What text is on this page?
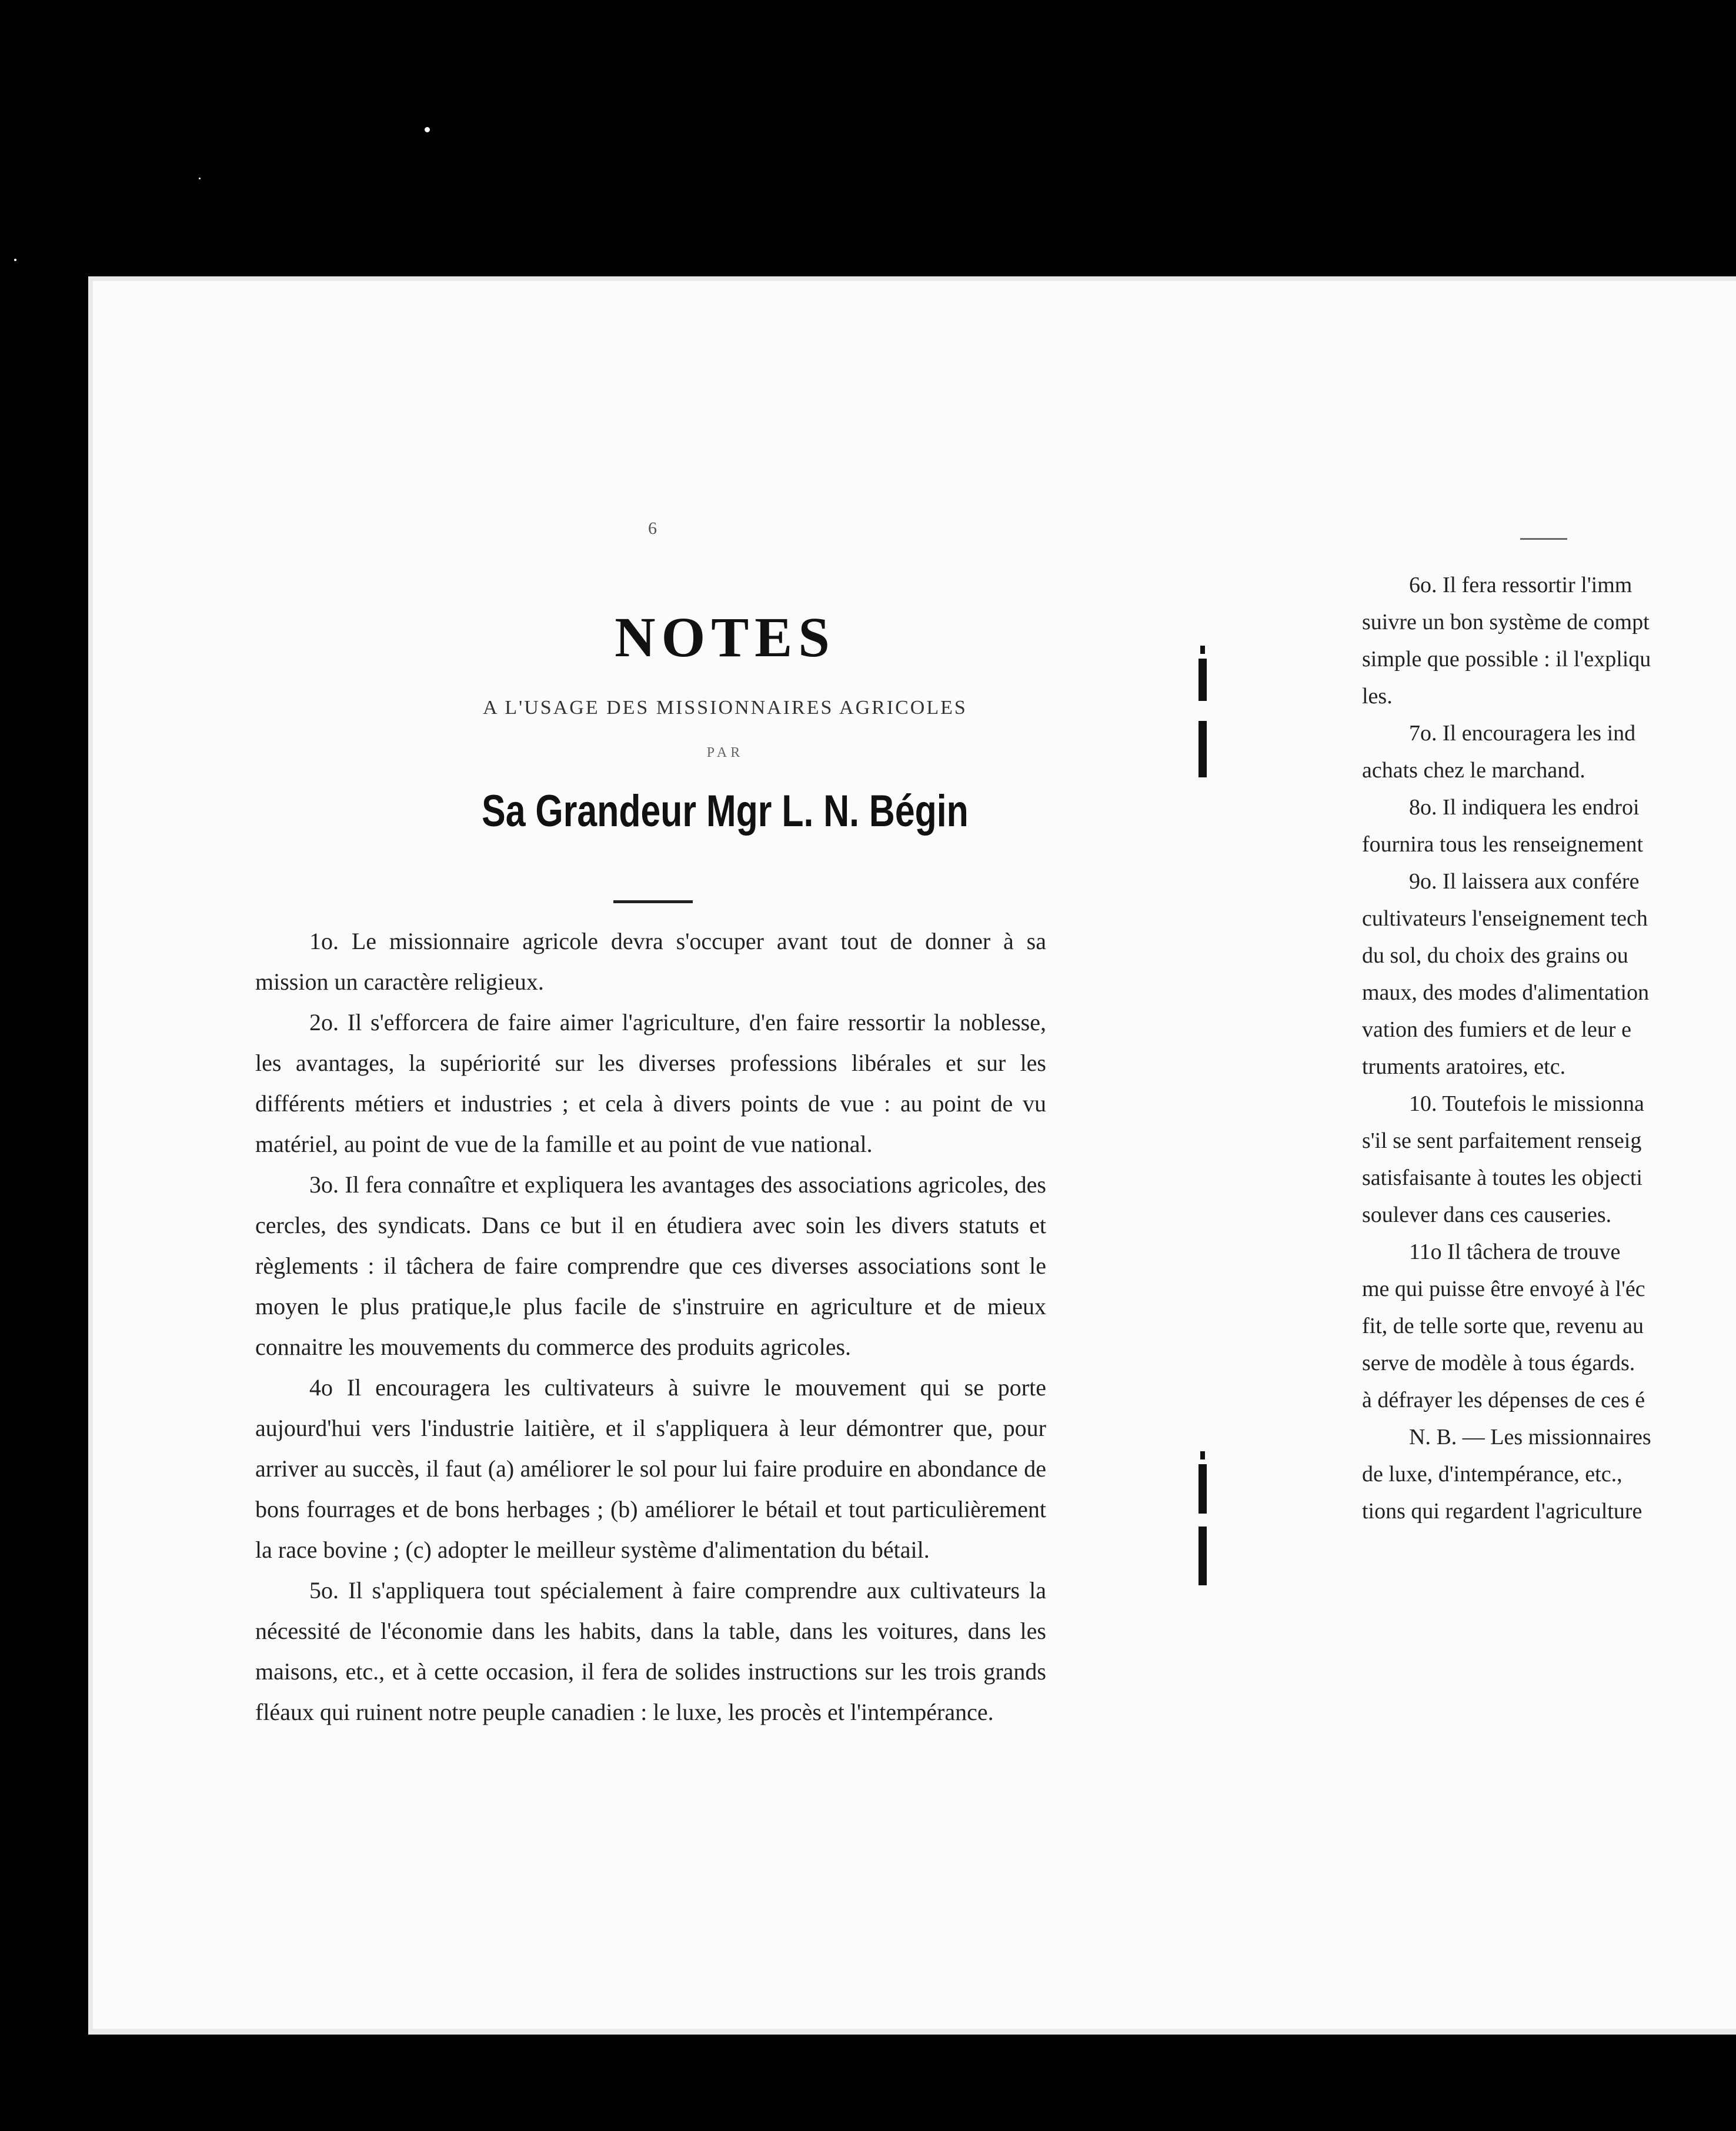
6
NOTES
A L'USAGE DES MISSIONNAIRES AGRICOLES
PAR
Sa Grandeur Mgr L. N. Bégin

1o. Le missionnaire agricole devra s'occuper avant tout de donner à sa mission un caractère religieux.

2o. Il s'efforcera de faire aimer l'agriculture, d'en faire ressortir la noblesse, les avantages, la supériorité sur les diverses professions libérales et sur les différents métiers et industries ; et cela à divers points de vue : au point de vu matériel, au point de vue de la famille et au point de vue national.

3o. Il fera connaître et expliquera les avantages des associations agricoles, des cercles, des syndicats. Dans ce but il en étudiera avec soin les divers statuts et règlements : il tâchera de faire comprendre que ces diverses associations sont le moyen le plus pratique,le plus facile de s'instruire en agriculture et de mieux connaitre les mouvements du commerce des produits agricoles.

4o Il encouragera les cultivateurs à suivre le mouvement qui se porte aujourd'hui vers l'industrie laitière, et il s'appliquera à leur démontrer que, pour arriver au succès, il faut (a) améliorer le sol pour lui faire produire en abondance de bons fourrages et de bons herbages ; (b) améliorer le bétail et tout particulièrement la race bovine ; (c) adopter le meilleur système d'alimentation du bétail.

5o. Il s'appliquera tout spécialement à faire comprendre aux cultivateurs la nécessité de l'économie dans les habits, dans la table, dans les voitures, dans les maisons, etc., et à cette occasion, il fera de solides instructions sur les trois grands fléaux qui ruinent notre peuple canadien : le luxe, les procès et l'intempérance.

6o. Il fera ressortir l'imm

suivre un bon système de compt

simple que possible : il l'expliqu

les.

7o. Il encouragera les ind

achats chez le marchand.

8o. Il indiquera les endroi

fournira tous les renseignement

9o. Il laissera aux confére

cultivateurs l'enseignement tech

du sol, du choix des grains ou

maux, des modes d'alimentation

vation des fumiers et de leur e

truments aratoires, etc.

10. Toutefois le missionna

s'il se sent parfaitement renseig

satisfaisante à toutes les objecti

soulever dans ces causeries.

11o Il tâchera de trouve

me qui puisse être envoyé à l'éc

fit, de telle sorte que, revenu au

serve de modèle à tous égards.

à défrayer les dépenses de ces é

N. B. — Les missionnaires

de luxe, d'intempérance, etc.,

tions qui regardent l'agriculture
